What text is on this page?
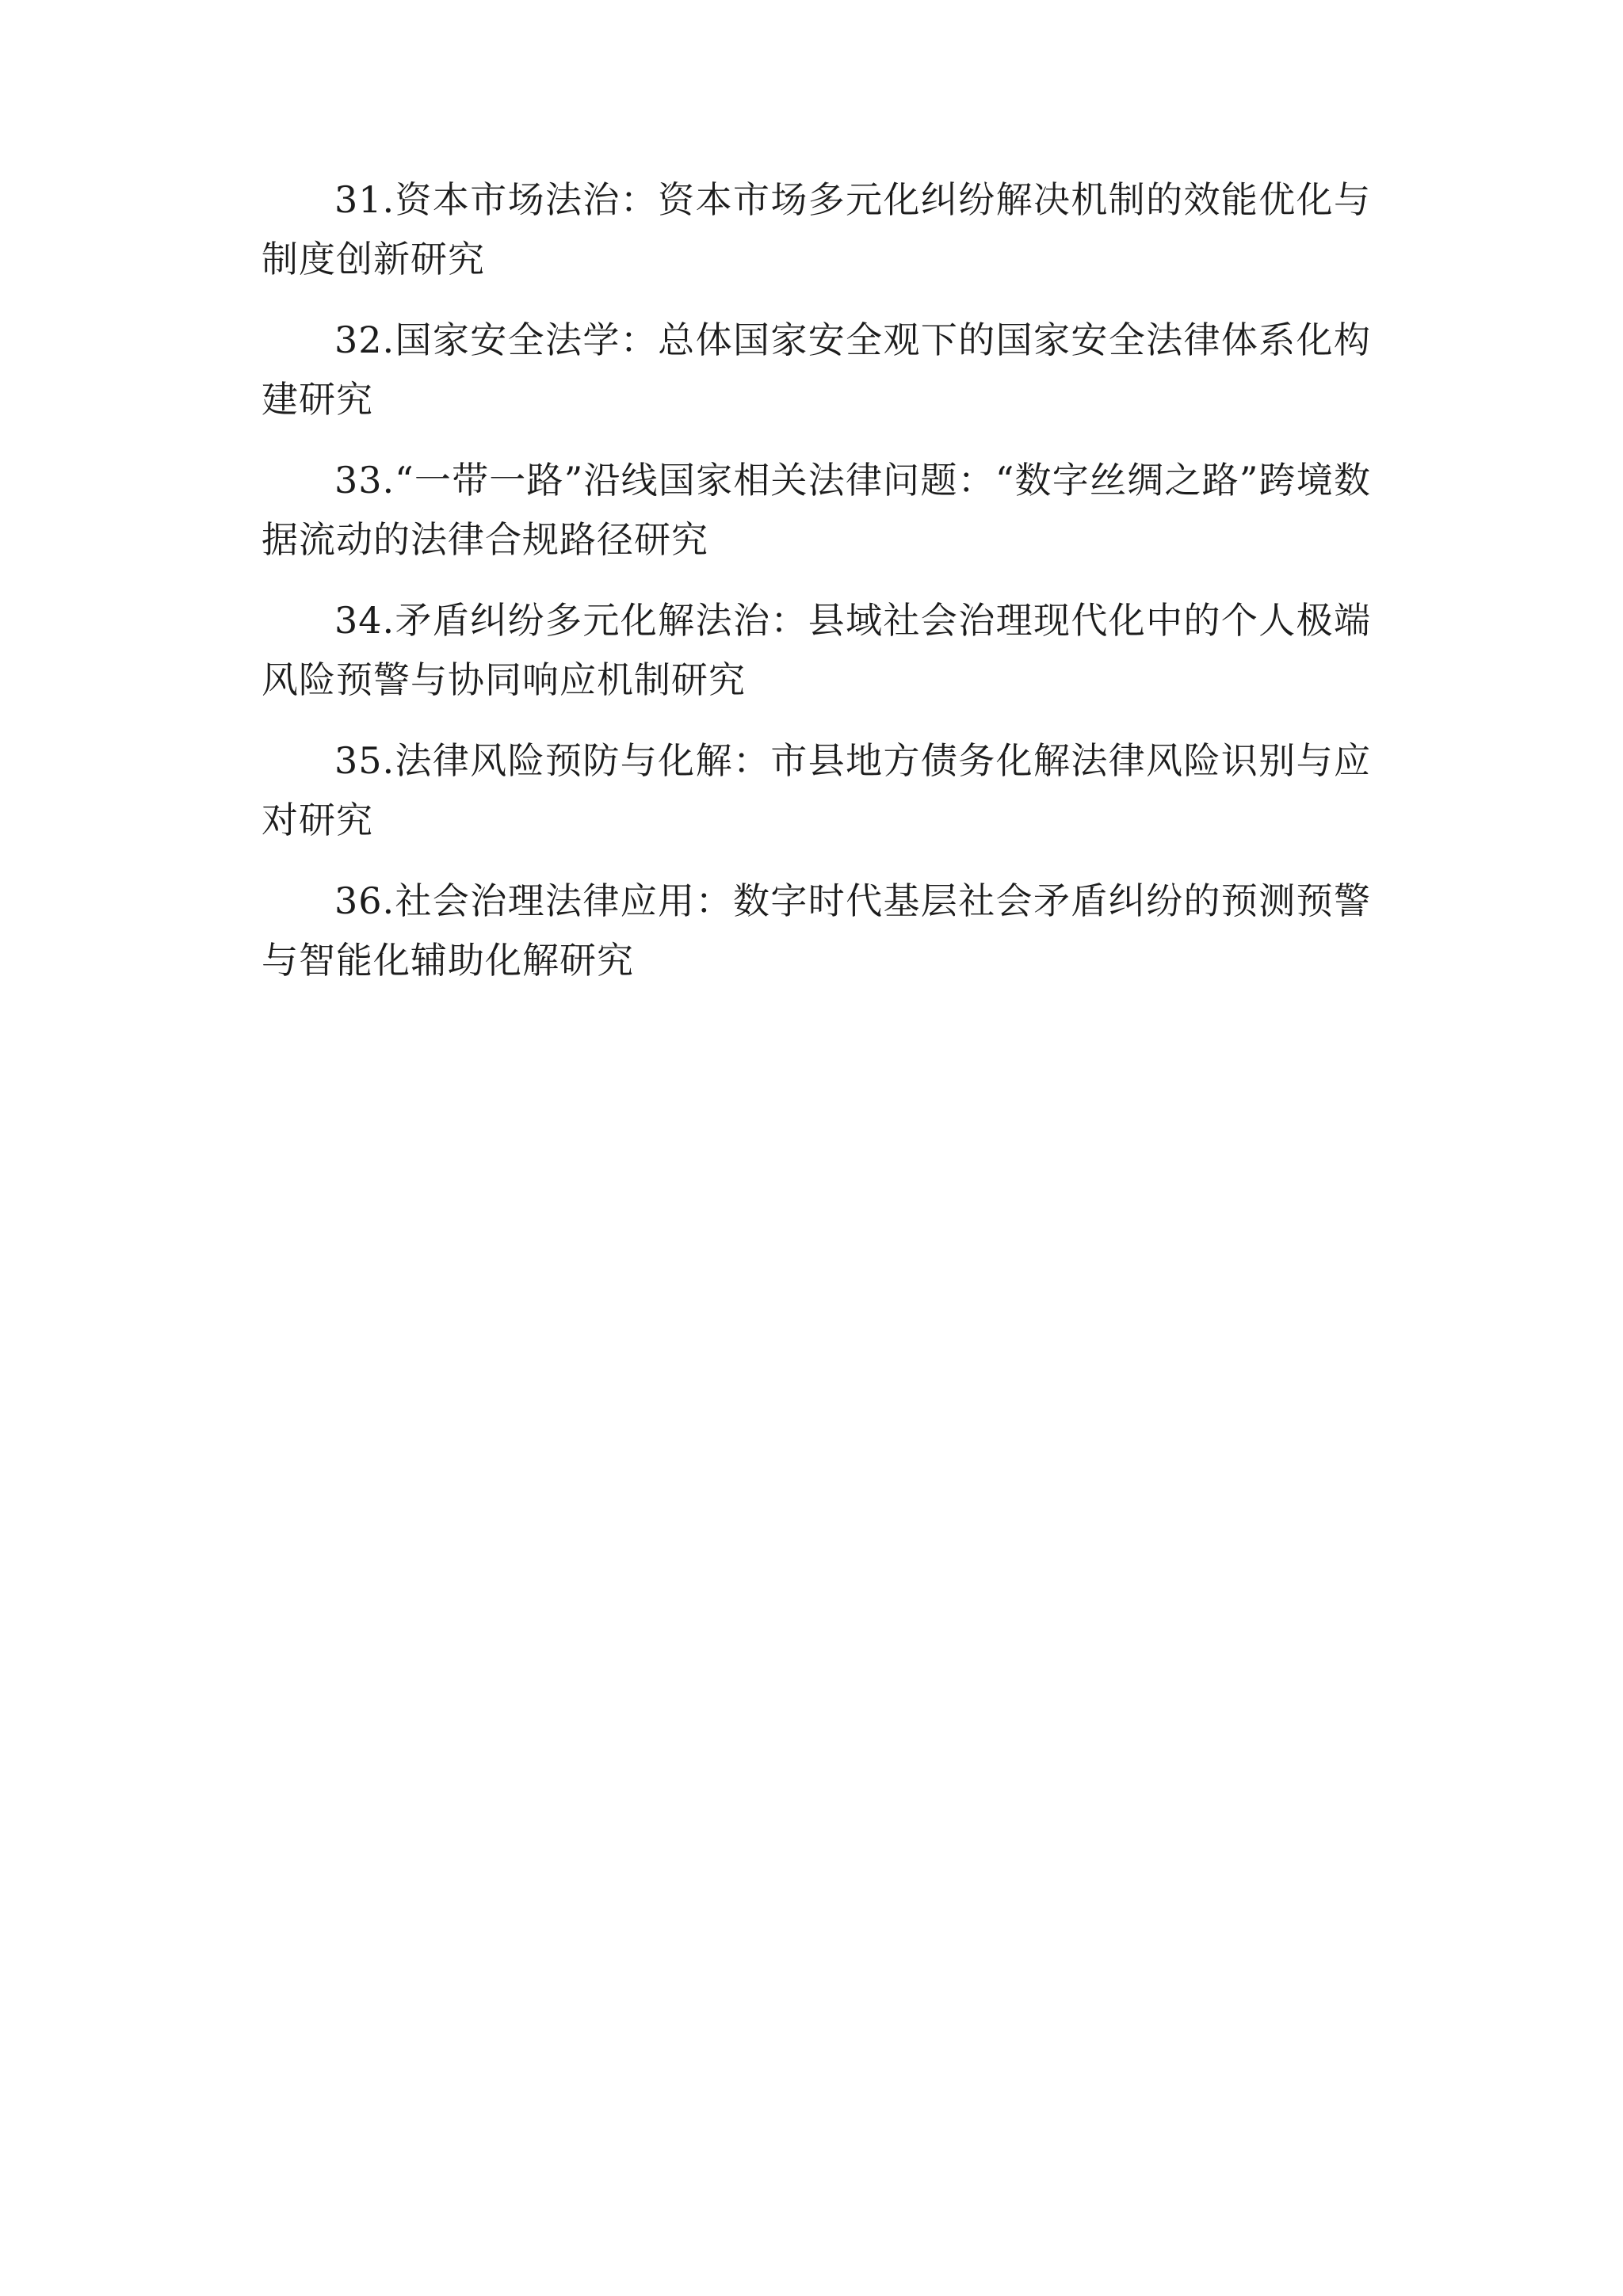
31.资本市场法治：资本市场多元化纠纷解决机制的效能优化与制度创新研究

32.国家安全法学：总体国家安全观下的国家安全法律体系化构建研究

33.“一带一路”沿线国家相关法律问题：“数字丝绸之路”跨境数据流动的法律合规路径研究

34.矛盾纠纷多元化解法治：县域社会治理现代化中的个人极端风险预警与协同响应机制研究

35.法律风险预防与化解：市县地方债务化解法律风险识别与应对研究

36.社会治理法律应用：数字时代基层社会矛盾纠纷的预测预警与智能化辅助化解研究
